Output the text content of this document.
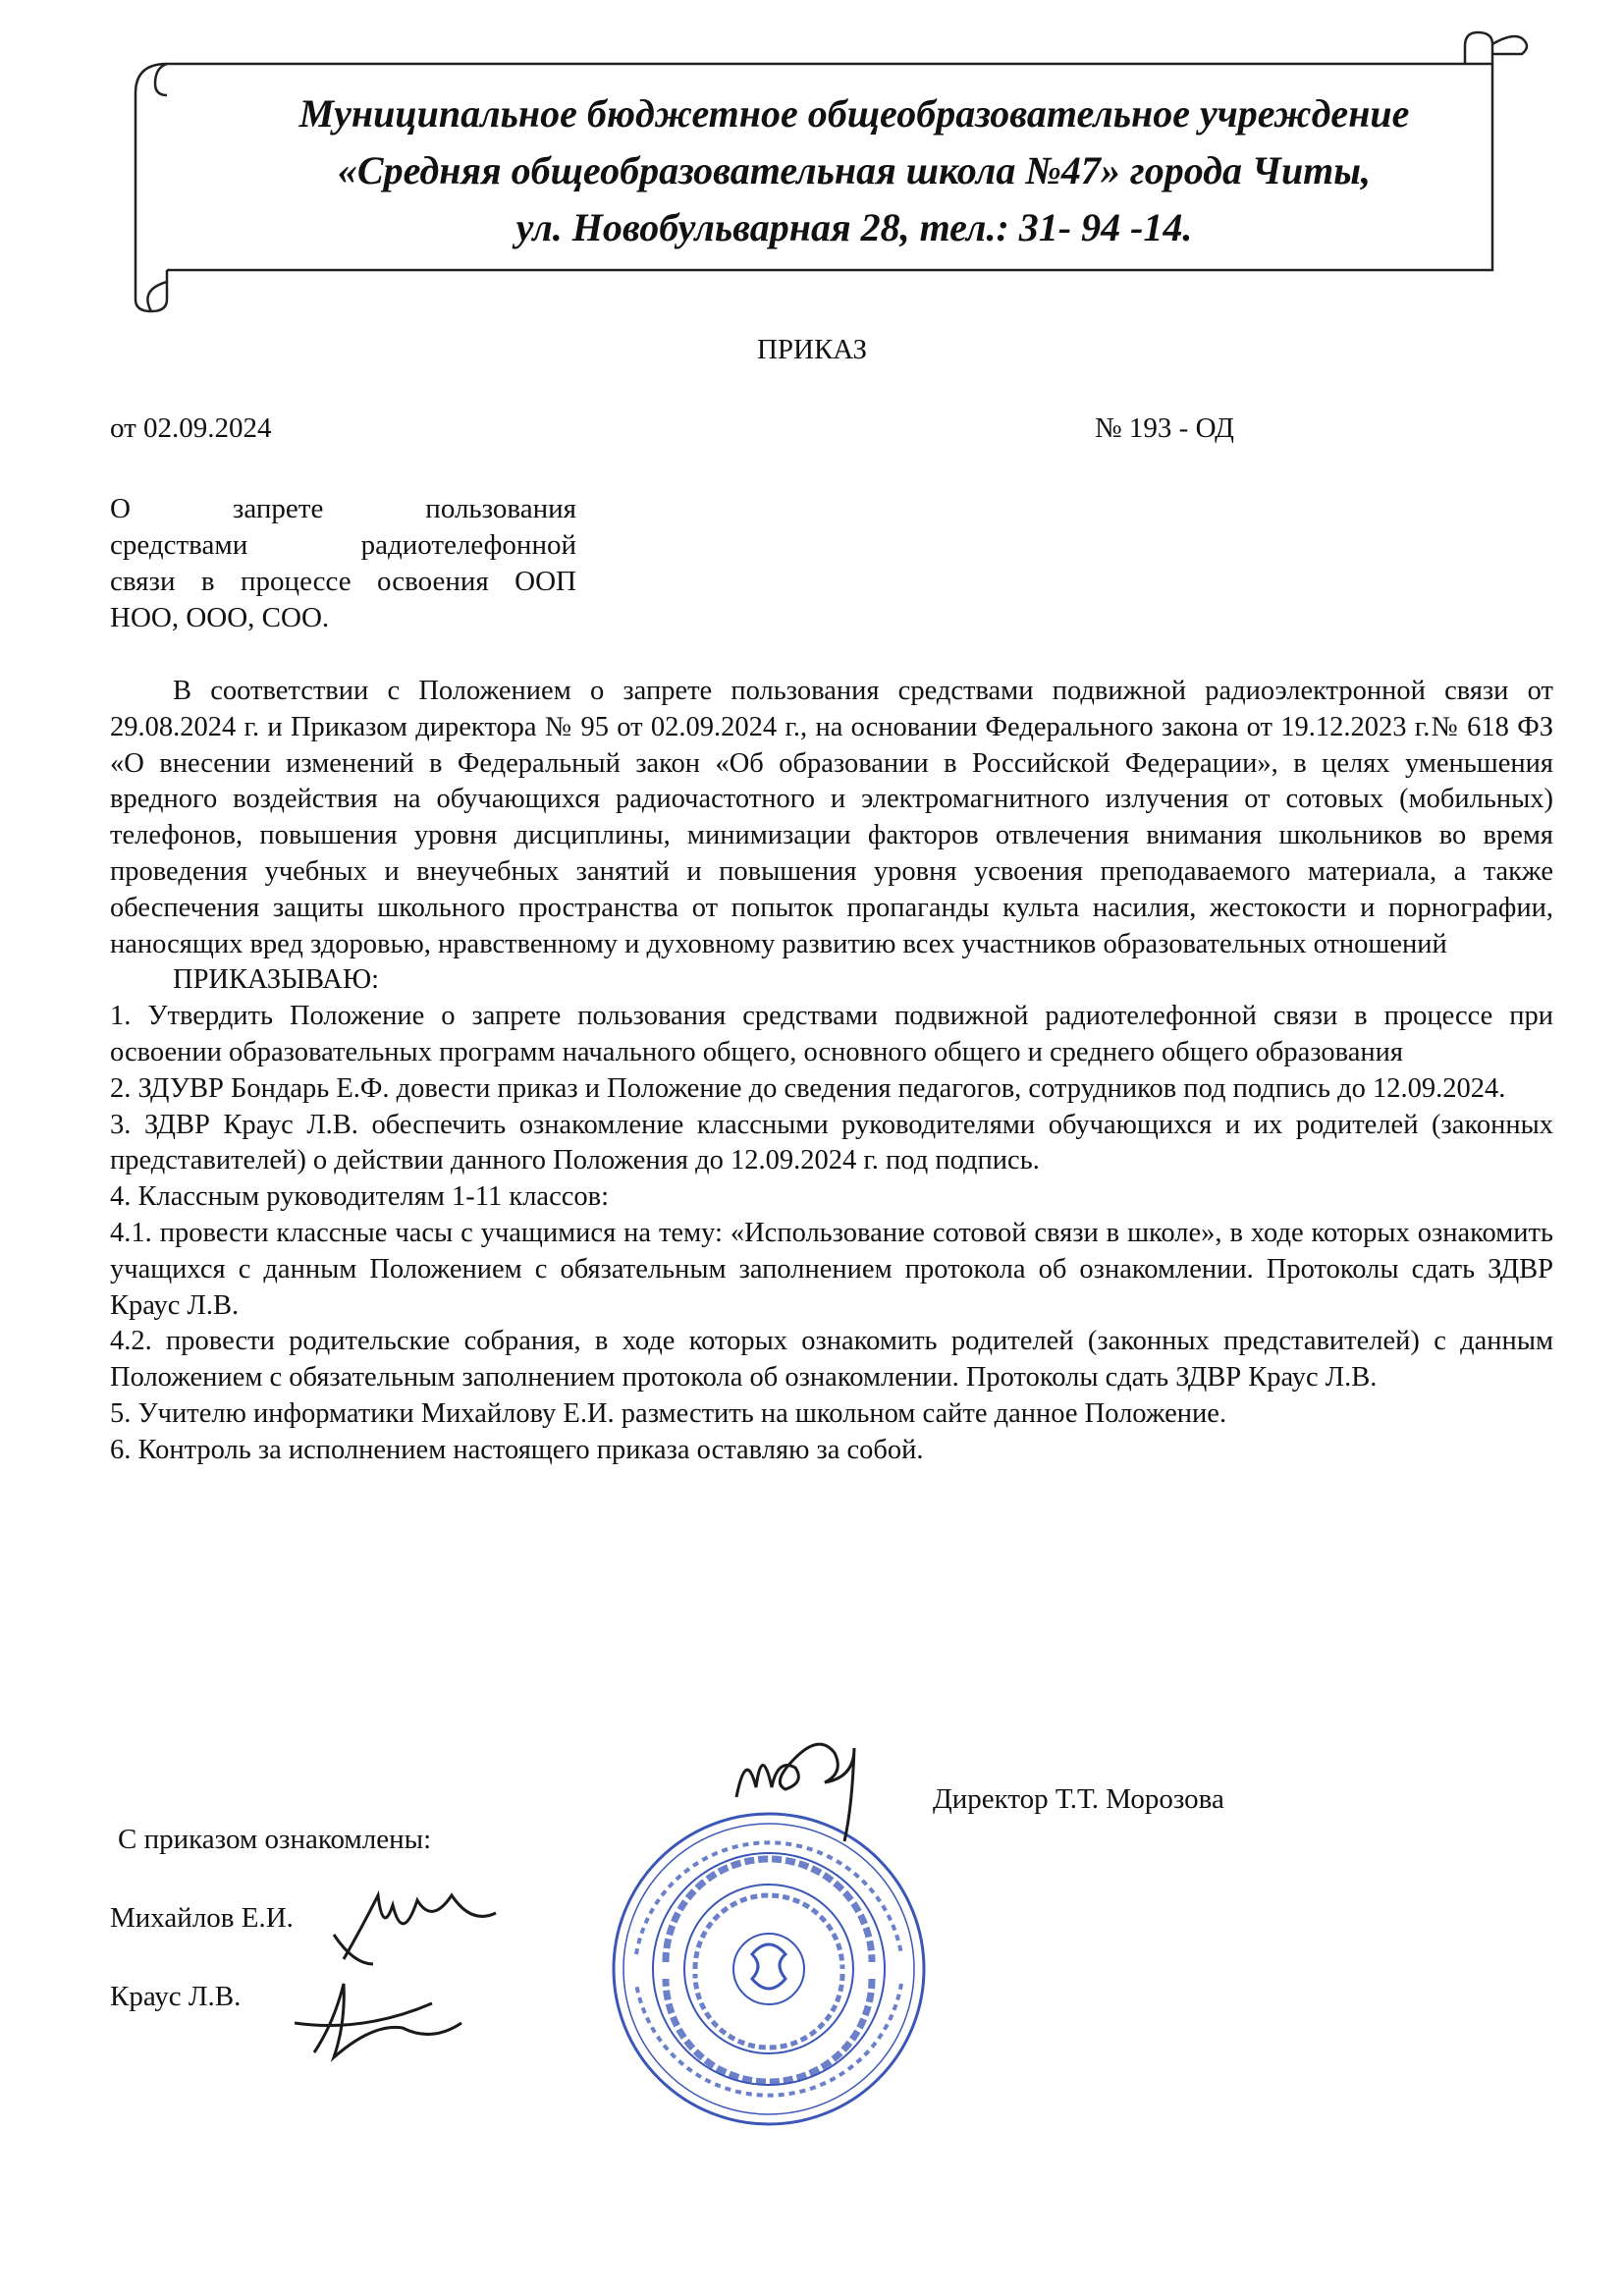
Муниципальное бюджетное общеобразовательное учреждение
«Средняя общеобразовательная школа №47» города Читы,
ул. Новобульварная 28, тел.: 31- 94 -14.
ПРИКАЗ
от 02.09.2024	№ 193 - ОД
О запрете пользования
средствами радиотелефонной
связи в процессе освоения ООП
НОО, ООО, СОО.

В соответствии с Положением о запрете пользования средствами подвижной радиоэлектронной связи от 29.08.2024 г. и Приказом директора № 95 от 02.09.2024 г., на основании Федерального закона от 19.12.2023 г.№ 618 ФЗ «О внесении изменений в Федеральный закон «Об образовании в Российской Федерации», в целях уменьшения вредного воздействия на обучающихся радиочастотного и электромагнитного излучения от сотовых (мобильных) телефонов, повышения уровня дисциплины, минимизации факторов отвлечения внимания школьников во время проведения учебных и внеучебных занятий и повышения уровня усвоения преподаваемого материала, а также обеспечения защиты школьного пространства от попыток пропаганды культа насилия, жестокости и порнографии, наносящих вред здоровью, нравственному и духовному развитию всех участников образовательных отношений

ПРИКАЗЫВАЮ:

1. Утвердить Положение о запрете пользования средствами подвижной радиотелефонной связи в процессе при освоении образовательных программ начального общего, основного общего и среднего общего образования

2. ЗДУВР Бондарь Е.Ф. довести приказ и Положение до сведения педагогов, сотрудников под подпись до 12.09.2024.

3. ЗДВР Краус Л.В. обеспечить ознакомление классными руководителями обучающихся и их родителей (законных представителей) о действии данного Положения до 12.09.2024 г. под подпись.

4. Классным руководителям 1-11 классов:

4.1. провести классные часы с учащимися на тему: «Использование сотовой связи в школе», в ходе которых ознакомить учащихся с данным Положением с обязательным заполнением протокола об ознакомлении. Протоколы сдать ЗДВР Краус Л.В.

4.2. провести родительские собрания, в ходе которых ознакомить родителей (законных представителей) с данным Положением с обязательным заполнением протокола об ознакомлении. Протоколы сдать ЗДВР Краус Л.В.

5. Учителю информатики Михайлову Е.И. разместить на школьном сайте данное Положение.

6. Контроль за исполнением настоящего приказа оставляю за собой.

Директор Т.Т. Морозова
С приказом ознакомлены:
Михайлов Е.И.
Краус Л.В.
